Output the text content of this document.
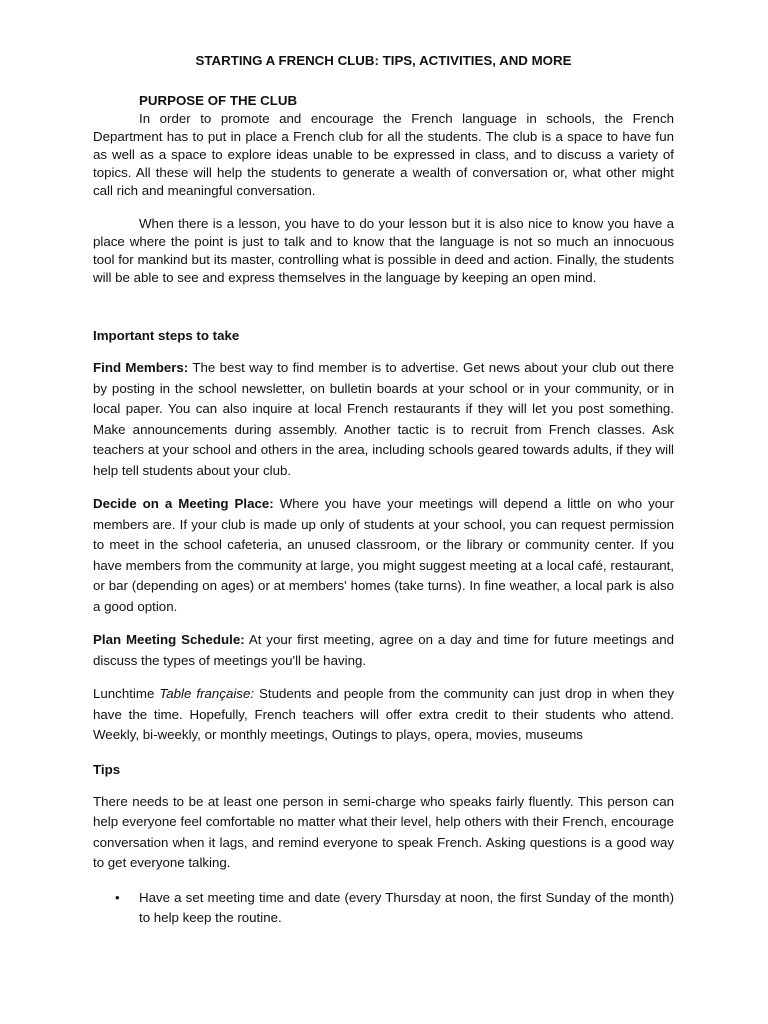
STARTING A FRENCH CLUB: TIPS, ACTIVITIES, AND MORE

PURPOSE OF THE CLUB

In order to promote and encourage the French language in schools, the French Department has to put in place a French club for all the students. The club is a space to have fun as well as a space to explore ideas unable to be expressed in class, and to discuss a variety of topics. All these will help the students to generate a wealth of conversation or, what other might call rich and meaningful conversation.

When there is a lesson, you have to do your lesson but it is also nice to know you have a place where the point is just to talk and to know that the language is not so much an innocuous tool for mankind but its master, controlling what is possible in deed and action. Finally, the students will be able to see and express themselves in the language by keeping an open mind.

Important steps to take

Find Members: The best way to find member is to advertise. Get news about your club out there by posting in the school newsletter, on bulletin boards at your school or in your community, or in local paper. You can also inquire at local French restaurants if they will let you post something. Make announcements during assembly. Another tactic is to recruit from French classes. Ask teachers at your school and others in the area, including schools geared towards adults, if they will help tell students about your club.

Decide on a Meeting Place: Where you have your meetings will depend a little on who your members are. If your club is made up only of students at your school, you can request permission to meet in the school cafeteria, an unused classroom, or the library or community center. If you have members from the community at large, you might suggest meeting at a local café, restaurant, or bar (depending on ages) or at members' homes (take turns). In fine weather, a local park is also a good option.

Plan Meeting Schedule: At your first meeting, agree on a day and time for future meetings and discuss the types of meetings you'll be having.

Lunchtime Table française: Students and people from the community can just drop in when they have the time. Hopefully, French teachers will offer extra credit to their students who attend. Weekly, bi-weekly, or monthly meetings, Outings to plays, opera, movies, museums

Tips

There needs to be at least one person in semi-charge who speaks fairly fluently. This person can help everyone feel comfortable no matter what their level, help others with their French, encourage conversation when it lags, and remind everyone to speak French. Asking questions is a good way to get everyone talking.

• Have a set meeting time and date (every Thursday at noon, the first Sunday of the month) to help keep the routine.
